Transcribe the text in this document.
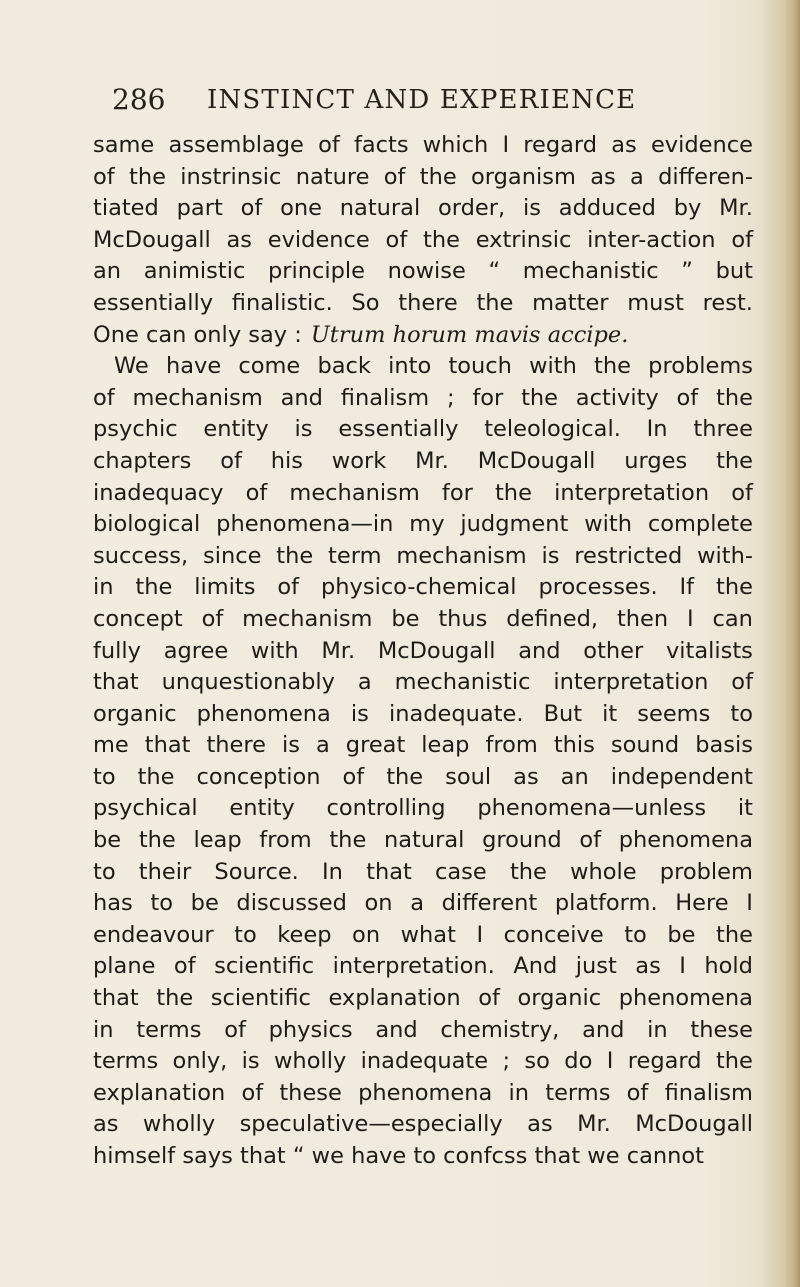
286 INSTINCT AND EXPERIENCE
same assemblage of facts which I regard as evidence
of the instrinsic nature of the organism as a differen-
tiated part of one natural order, is adduced by Mr.
McDougall as evidence of the extrinsic inter-action of
an animistic principle nowise “ mechanistic ” but
essentially finalistic. So there the matter must rest.
One can only say : Utrum horum mavis accipe.
We have come back into touch with the problems
of mechanism and finalism ; for the activity of the
psychic entity is essentially teleological. In three
chapters of his work Mr. McDougall urges the
inadequacy of mechanism for the interpretation of
biological phenomena—in my judgment with complete
success, since the term mechanism is restricted with-
in the limits of physico-chemical processes. If the
concept of mechanism be thus defined, then I can
fully agree with Mr. McDougall and other vitalists
that unquestionably a mechanistic interpretation of
organic phenomena is inadequate. But it seems to
me that there is a great leap from this sound basis
to the conception of the soul as an independent
psychical entity controlling phenomena—unless it
be the leap from the natural ground of phenomena
to their Source. In that case the whole problem
has to be discussed on a different platform. Here I
endeavour to keep on what I conceive to be the
plane of scientific interpretation. And just as I hold
that the scientific explanation of organic phenomena
in terms of physics and chemistry, and in these
terms only, is wholly inadequate ; so do I regard the
explanation of these phenomena in terms of finalism
as wholly speculative—especially as Mr. McDougall
himself says that “ we have to confcss that we cannot
